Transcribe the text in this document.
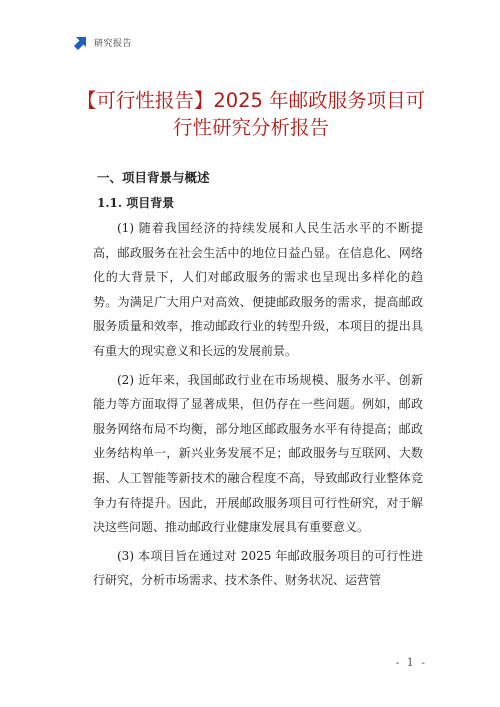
研究报告
【可行性报告】2025 年邮政服务项目可行性研究分析报告
一、项目背景与概述
1.1. 项目背景

(1) 随着我国经济的持续发展和人民生活水平的不断提高，邮政服务在社会生活中的地位日益凸显。在信息化、网络化的大背景下，人们对邮政服务的需求也呈现出多样化的趋势。为满足广大用户对高效、便捷邮政服务的需求，提高邮政服务质量和效率，推动邮政行业的转型升级，本项目的提出具有重大的现实意义和长远的发展前景。

(2) 近年来，我国邮政行业在市场规模、服务水平、创新能力等方面取得了显著成果，但仍存在一些问题。例如，邮政服务网络布局不均衡，部分地区邮政服务水平有待提高；邮政业务结构单一，新兴业务发展不足；邮政服务与互联网、大数据、人工智能等新技术的融合程度不高，导致邮政行业整体竞争力有待提升。因此，开展邮政服务项目可行性研究，对于解决这些问题、推动邮政行业健康发展具有重要意义。

(3) 本项目旨在通过对 2025 年邮政服务项目的可行性进行研究，分析市场需求、技术条件、财务状况、运营管

- 1 -
